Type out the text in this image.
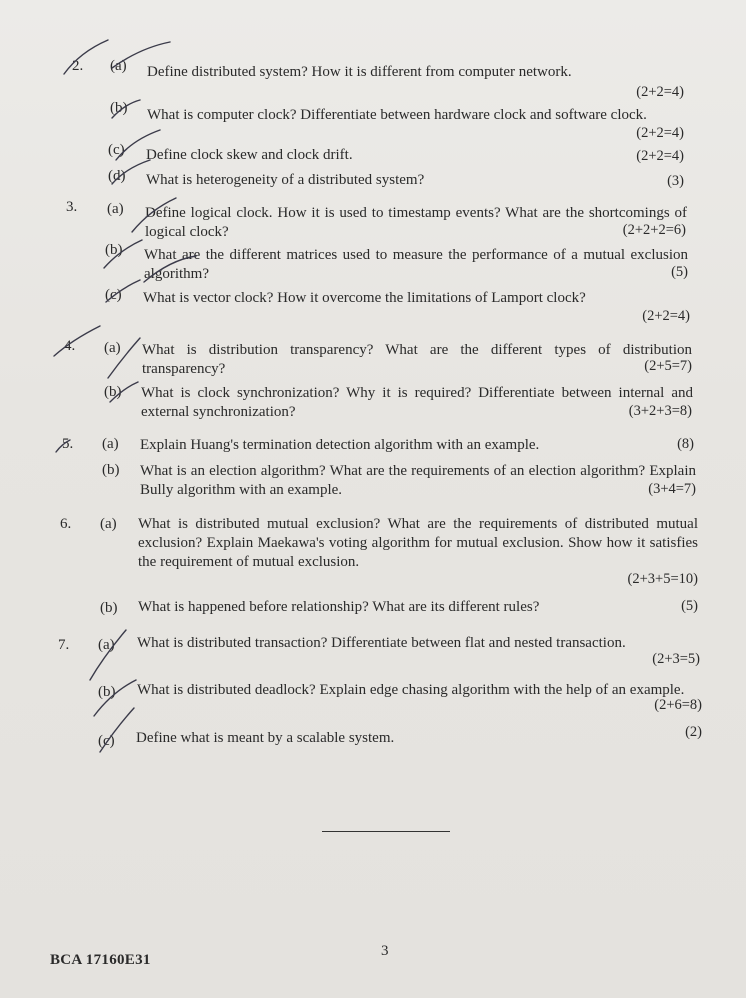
2. (a) Define distributed system? How it is different from computer network.
(2+2=4)
(b) What is computer clock? Differentiate between hardware clock and software clock.
(2+2=4)
(c) Define clock skew and clock drift.	(2+2=4)
(d) What is heterogeneity of a distributed system?	(3)
3. (a) Define logical clock. How it is used to timestamp events? What are the shortcomings of logical clock?	(2+2+2=6)
(b) What are the different matrices used to measure the performance of a mutual exclusion algorithm?	(5)
(c) What is vector clock? How it overcome the limitations of Lamport clock?
(2+2=4)
4. (a) What is distribution transparency? What are the different types of distribution transparency?	(2+5=7)
(b) What is clock synchronization? Why it is required? Differentiate between internal and external synchronization?	(3+2+3=8)
5. (a) Explain Huang's termination detection algorithm with an example.	(8)
(b) What is an election algorithm? What are the requirements of an election algorithm? Explain Bully algorithm with an example.	(3+4=7)
6. (a) What is distributed mutual exclusion? What are the requirements of distributed mutual exclusion? Explain Maekawa's voting algorithm for mutual exclusion. Show how it satisfies the requirement of mutual exclusion.
(2+3+5=10)
(b) What is happened before relationship? What are its different rules?	(5)
7. (a) What is distributed transaction? Differentiate between flat and nested transaction.
(2+3=5)
(b) What is distributed deadlock? Explain edge chasing algorithm with the help of an example.
(2+6=8)
(c) Define what is meant by a scalable system.	(2)
3
BCA 17160E31
